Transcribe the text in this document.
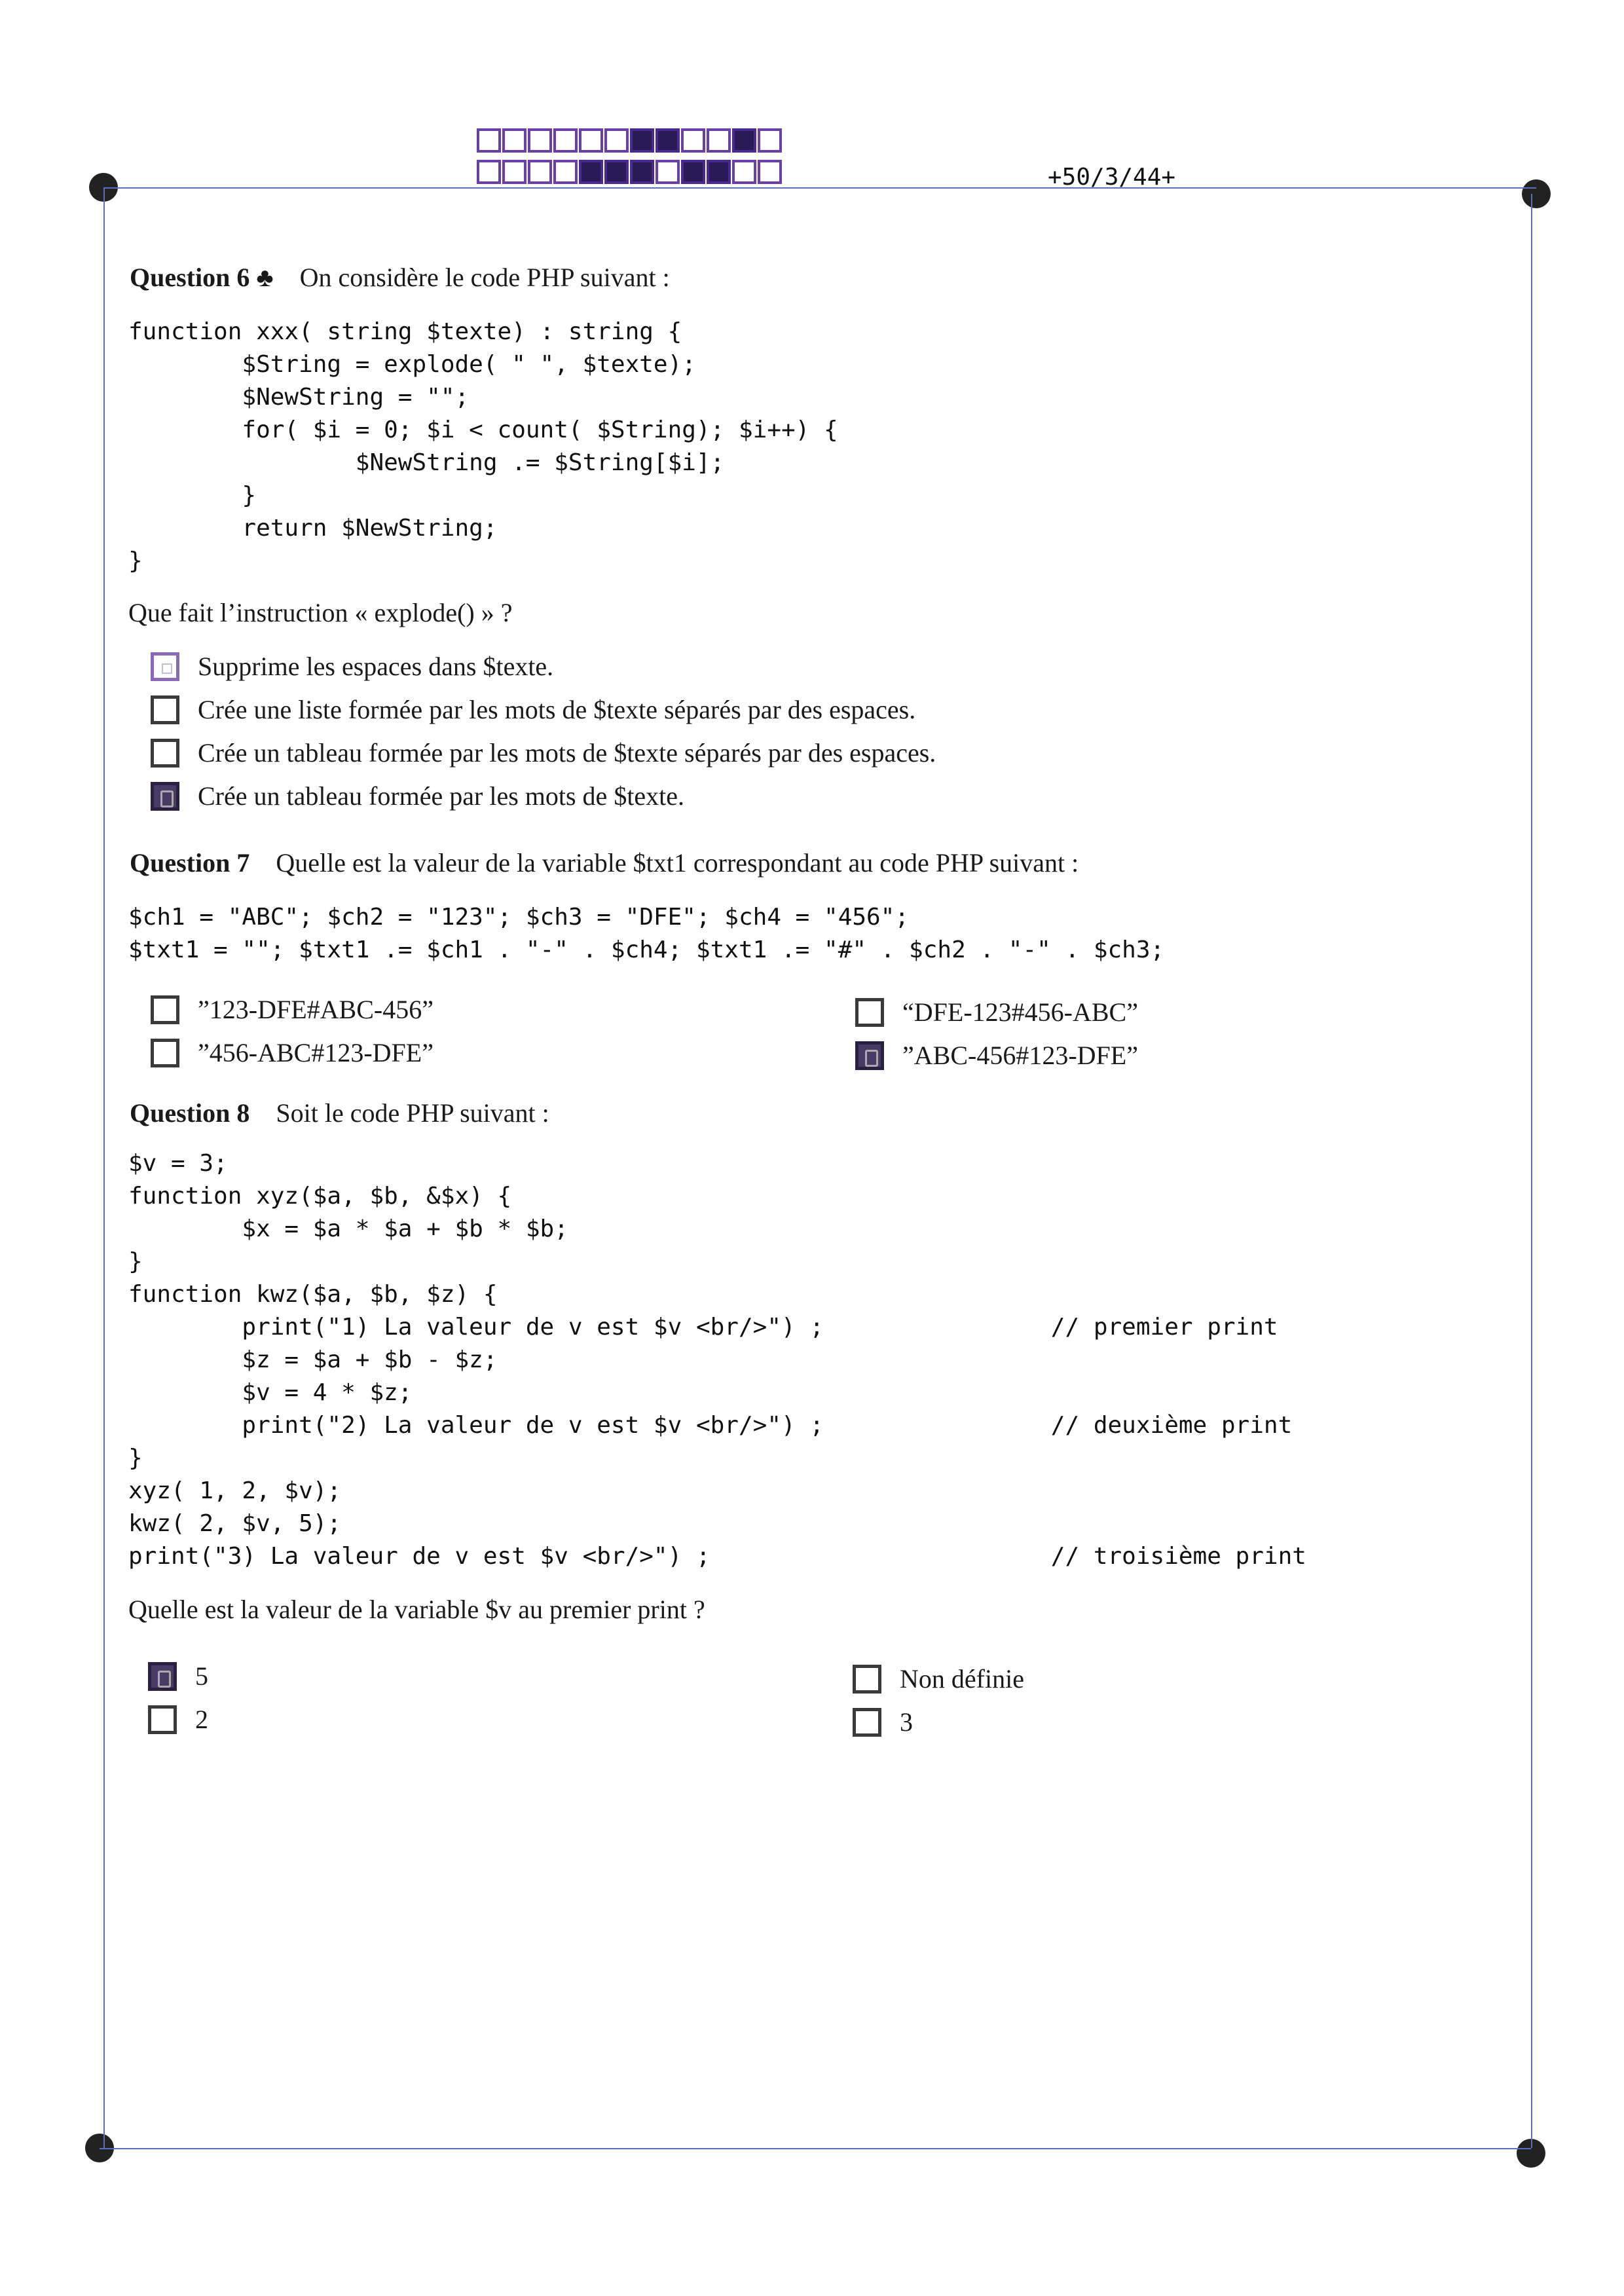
+50/3/44+
Question 6 ♣ On considère le code PHP suivant :
function xxx( string $texte) : string {
$String = explode( " ", $texte);
$NewString = "";
for( $i = 0; $i < count( $String); $i++) {
$NewString .= $String[$i];
}
return $NewString;
}
Que fait l’instruction « explode() » ?
Supprime les espaces dans $texte.
Crée une liste formée par les mots de $texte séparés par des espaces.
Crée un tableau formée par les mots de $texte séparés par des espaces.
Crée un tableau formée par les mots de $texte.
Question 7 Quelle est la valeur de la variable $txt1 correspondant au code PHP suivant :
$ch1 = "ABC"; $ch2 = "123"; $ch3 = "DFE"; $ch4 = "456";
$txt1 = ""; $txt1 .= $ch1 . "-" . $ch4; $txt1 .= "#" . $ch2 . "-" . $ch3;
”123-DFE#ABC-456”	“DFE-123#456-ABC”
”456-ABC#123-DFE”	”ABC-456#123-DFE”
Question 8 Soit le code PHP suivant :
$v = 3;
function xyz($a, $b, &$x) {
$x = $a * $a + $b * $b;
}
function kwz($a, $b, $z) {
print("1) La valeur de v est $v <br/>") ;                // premier print
$z = $a + $b - $z;
$v = 4 * $z;
print("2) La valeur de v est $v <br/>") ;                // deuxième print
}
xyz( 1, 2, $v);
kwz( 2, $v, 5);
print("3) La valeur de v est $v <br/>") ;                        // troisième print
Quelle est la valeur de la variable $v au premier print ?
5	Non définie
2	3
